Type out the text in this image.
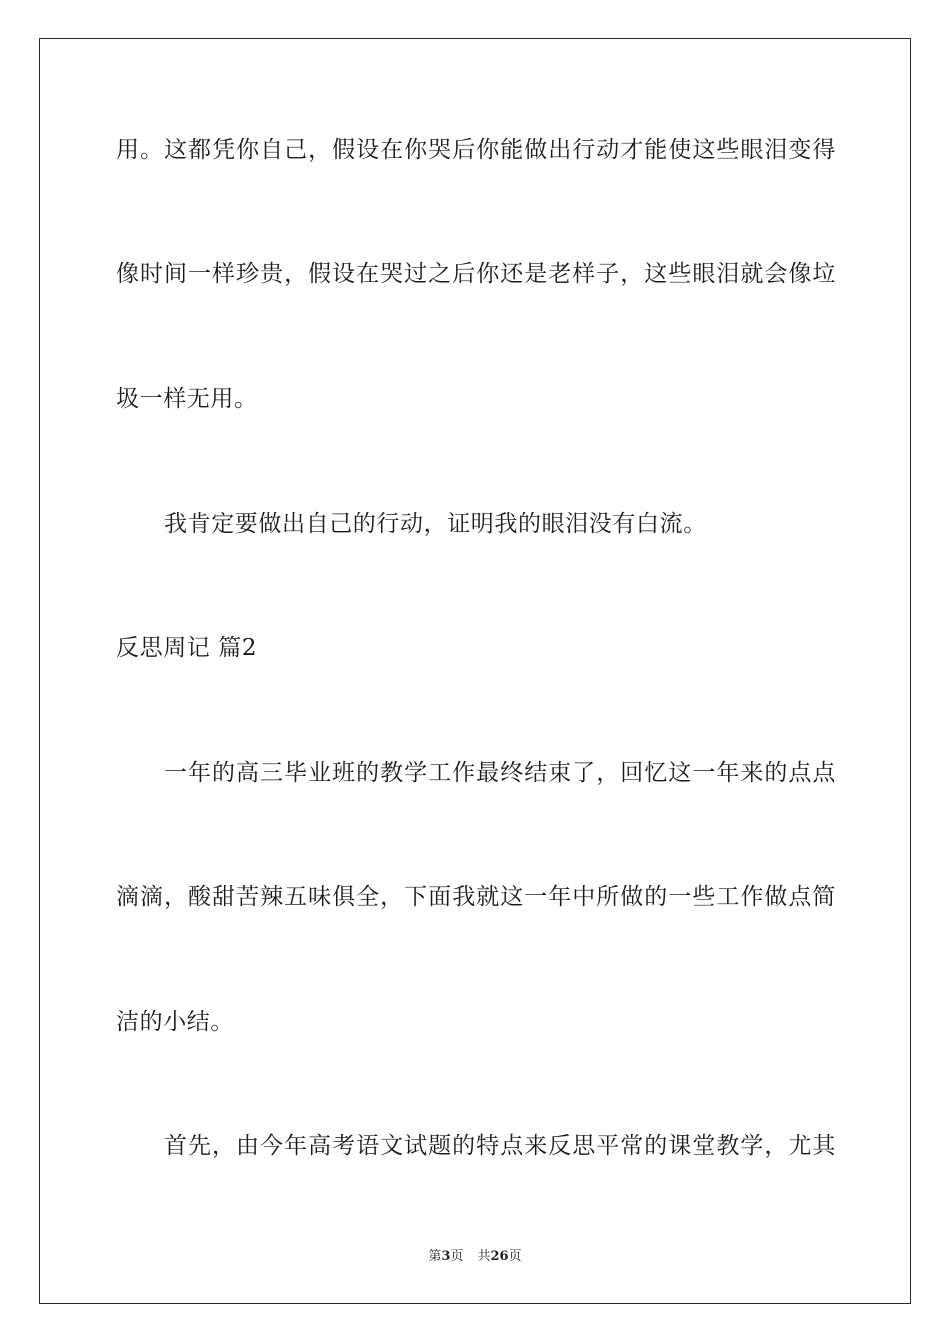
用。这都凭你自己，假设在你哭后你能做出行动才能使这些眼泪变得
像时间一样珍贵，假设在哭过之后你还是老样子，这些眼泪就会像垃
圾一样无用。
我肯定要做出自己的行动，证明我的眼泪没有白流。
反思周记 篇2
一年的高三毕业班的教学工作最终结束了，回忆这一年来的点点
滴滴，酸甜苦辣五味俱全，下面我就这一年中所做的一些工作做点简
洁的小结。
首先，由今年高考语文试题的特点来反思平常的课堂教学，尤其
第3页 共26页
